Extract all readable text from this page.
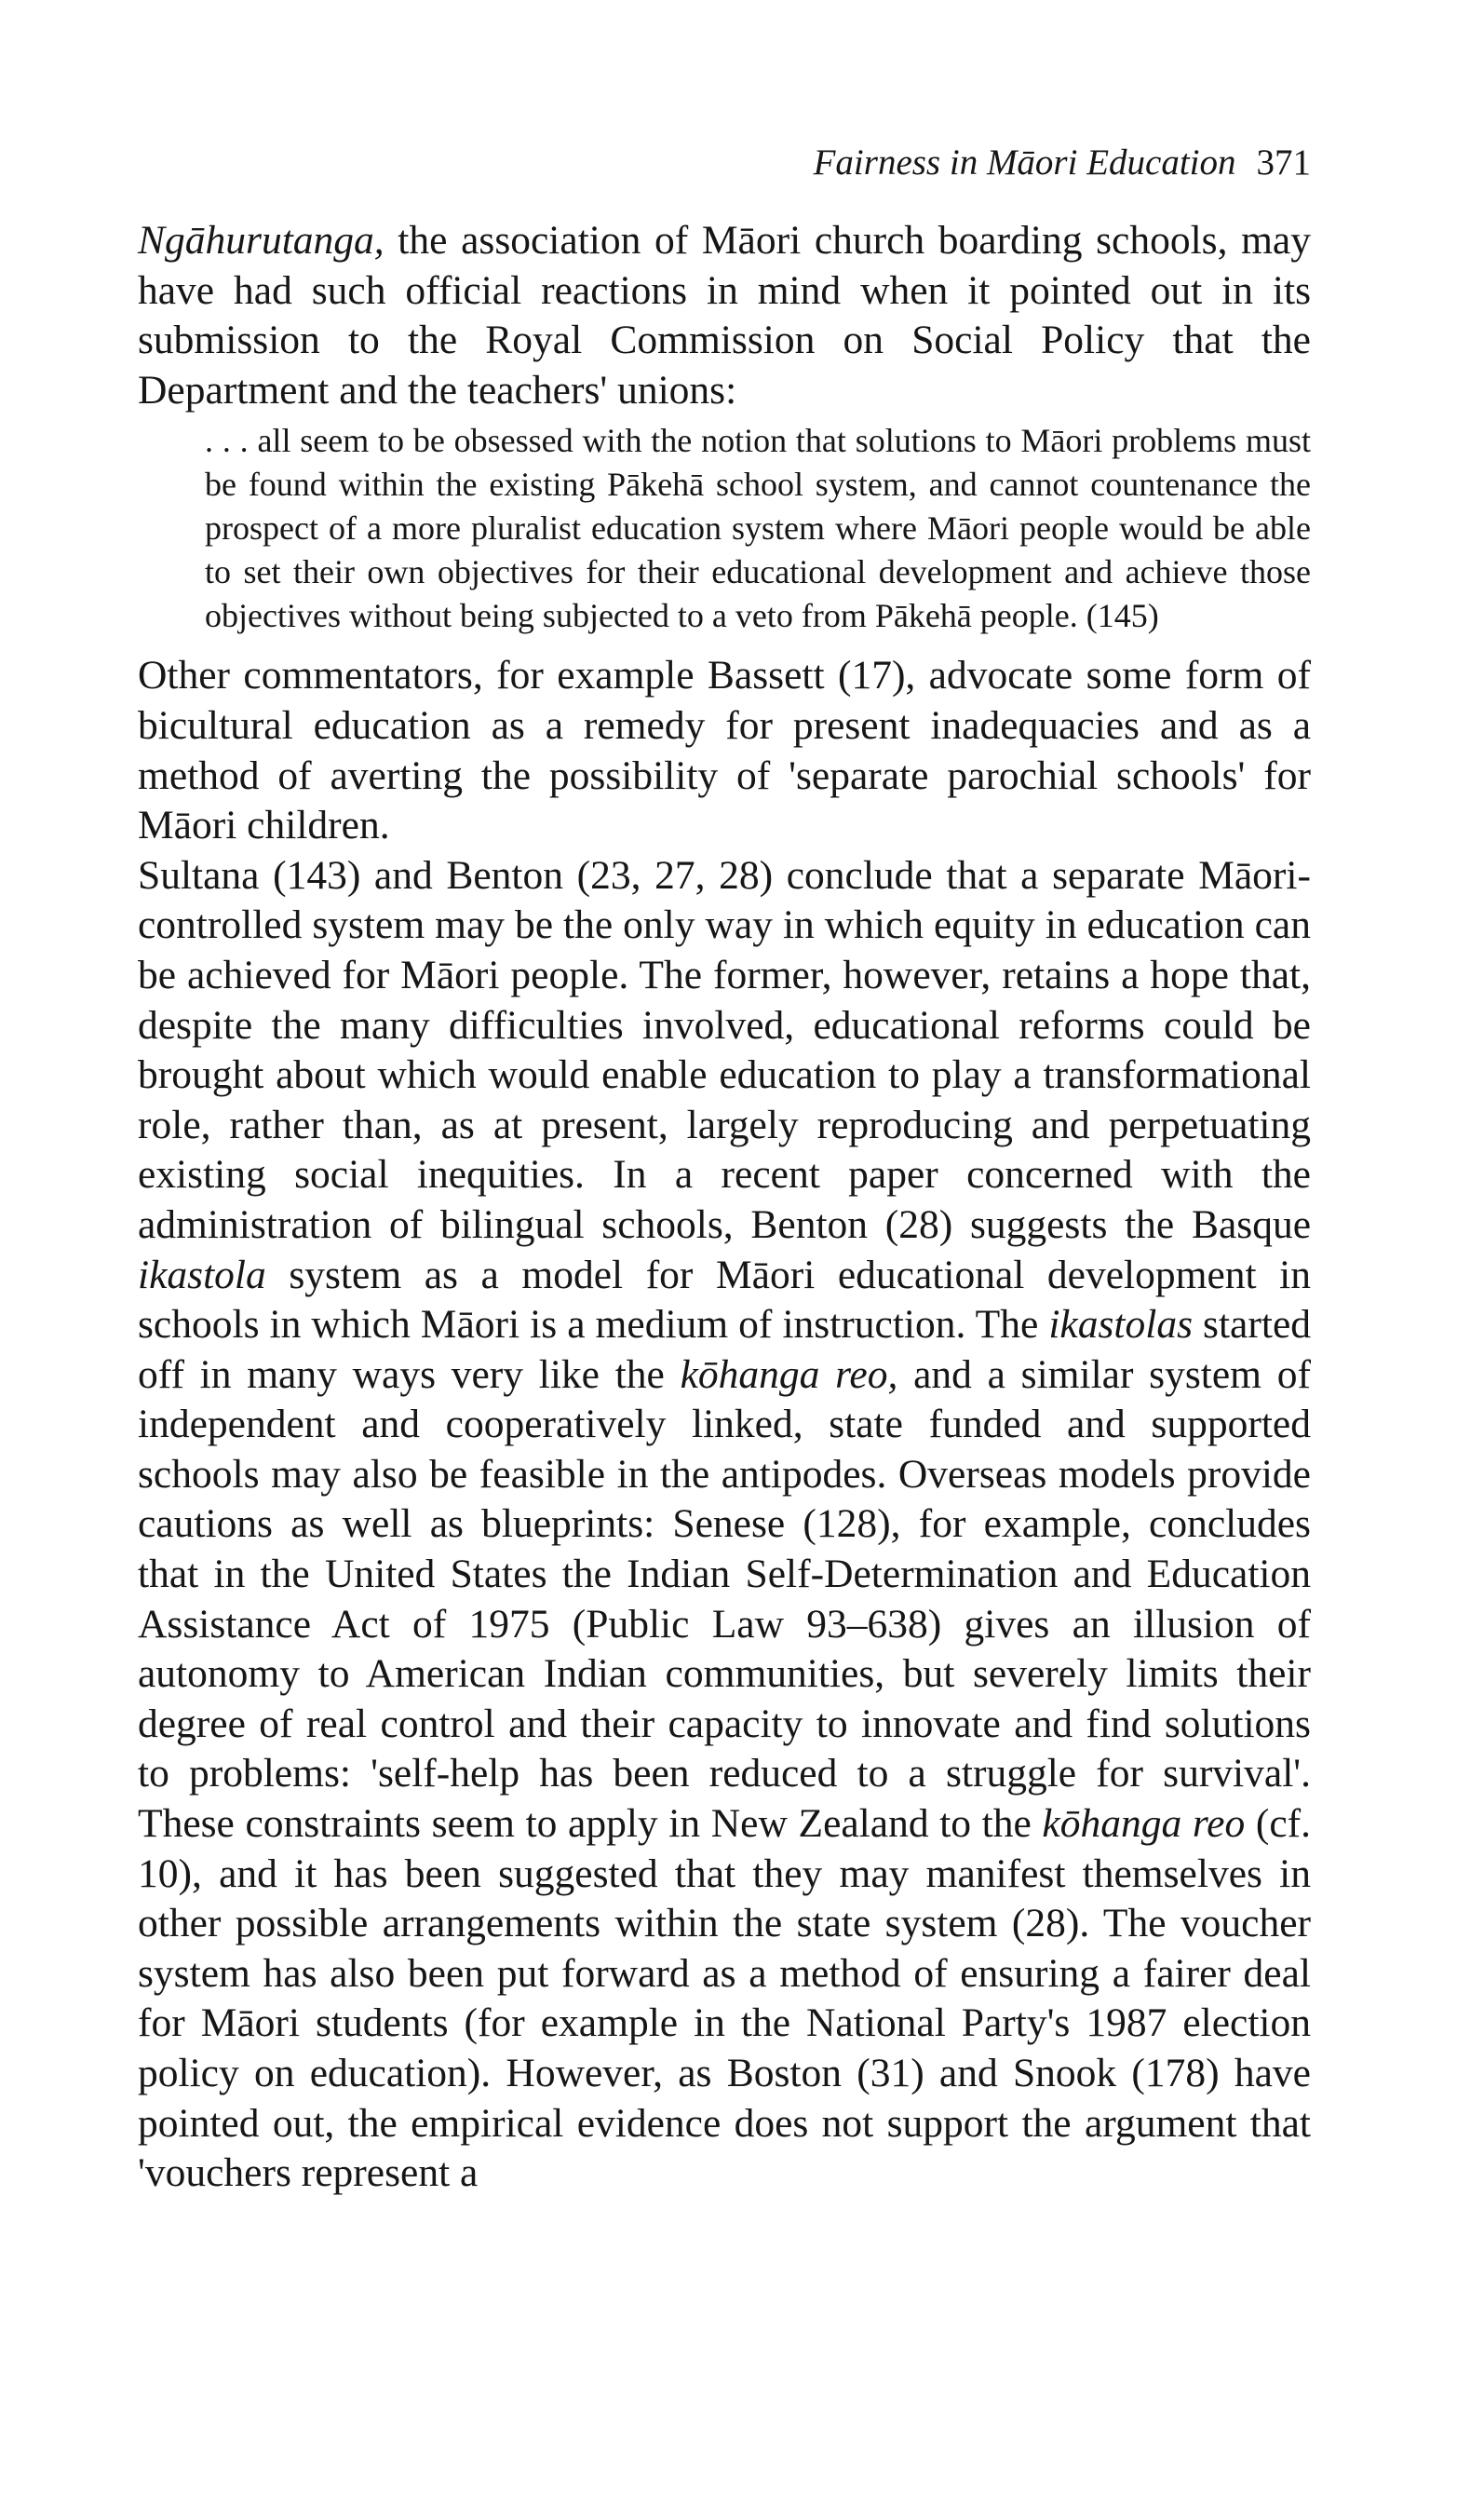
Fairness in Māori Education 371

Ngāhurutanga, the association of Māori church boarding schools, may have had such official reactions in mind when it pointed out in its submission to the Royal Commission on Social Policy that the Department and the teachers' unions:

. . . all seem to be obsessed with the notion that solutions to Māori problems must be found within the existing Pākehā school system, and cannot countenance the prospect of a more pluralist education system where Māori people would be able to set their own objectives for their educational development and achieve those objectives without being subjected to a veto from Pākehā people. (145)

Other commentators, for example Bassett (17), advocate some form of bicultural education as a remedy for present inadequacies and as a method of averting the possibility of 'separate parochial schools' for Māori children.

Sultana (143) and Benton (23, 27, 28) conclude that a separate Māori-controlled system may be the only way in which equity in education can be achieved for Māori people. The former, however, retains a hope that, despite the many difficulties involved, educational reforms could be brought about which would enable education to play a transformational role, rather than, as at present, largely reproducing and perpetuating existing social inequities. In a recent paper concerned with the administration of bilingual schools, Benton (28) suggests the Basque ikastola system as a model for Māori educational development in schools in which Māori is a medium of instruction. The ikastolas started off in many ways very like the kōhanga reo, and a similar system of independent and cooperatively linked, state funded and supported schools may also be feasible in the antipodes. Overseas models provide cautions as well as blueprints: Senese (128), for example, concludes that in the United States the Indian Self-Determination and Education Assistance Act of 1975 (Public Law 93–638) gives an illusion of autonomy to American Indian communities, but severely limits their degree of real control and their capacity to innovate and find solutions to problems: 'self-help has been reduced to a struggle for survival'. These constraints seem to apply in New Zealand to the kōhanga reo (cf. 10), and it has been suggested that they may manifest themselves in other possible arrangements within the state system (28). The voucher system has also been put forward as a method of ensuring a fairer deal for Māori students (for example in the National Party's 1987 election policy on education). However, as Boston (31) and Snook (178) have pointed out, the empirical evidence does not support the argument that 'vouchers represent a
